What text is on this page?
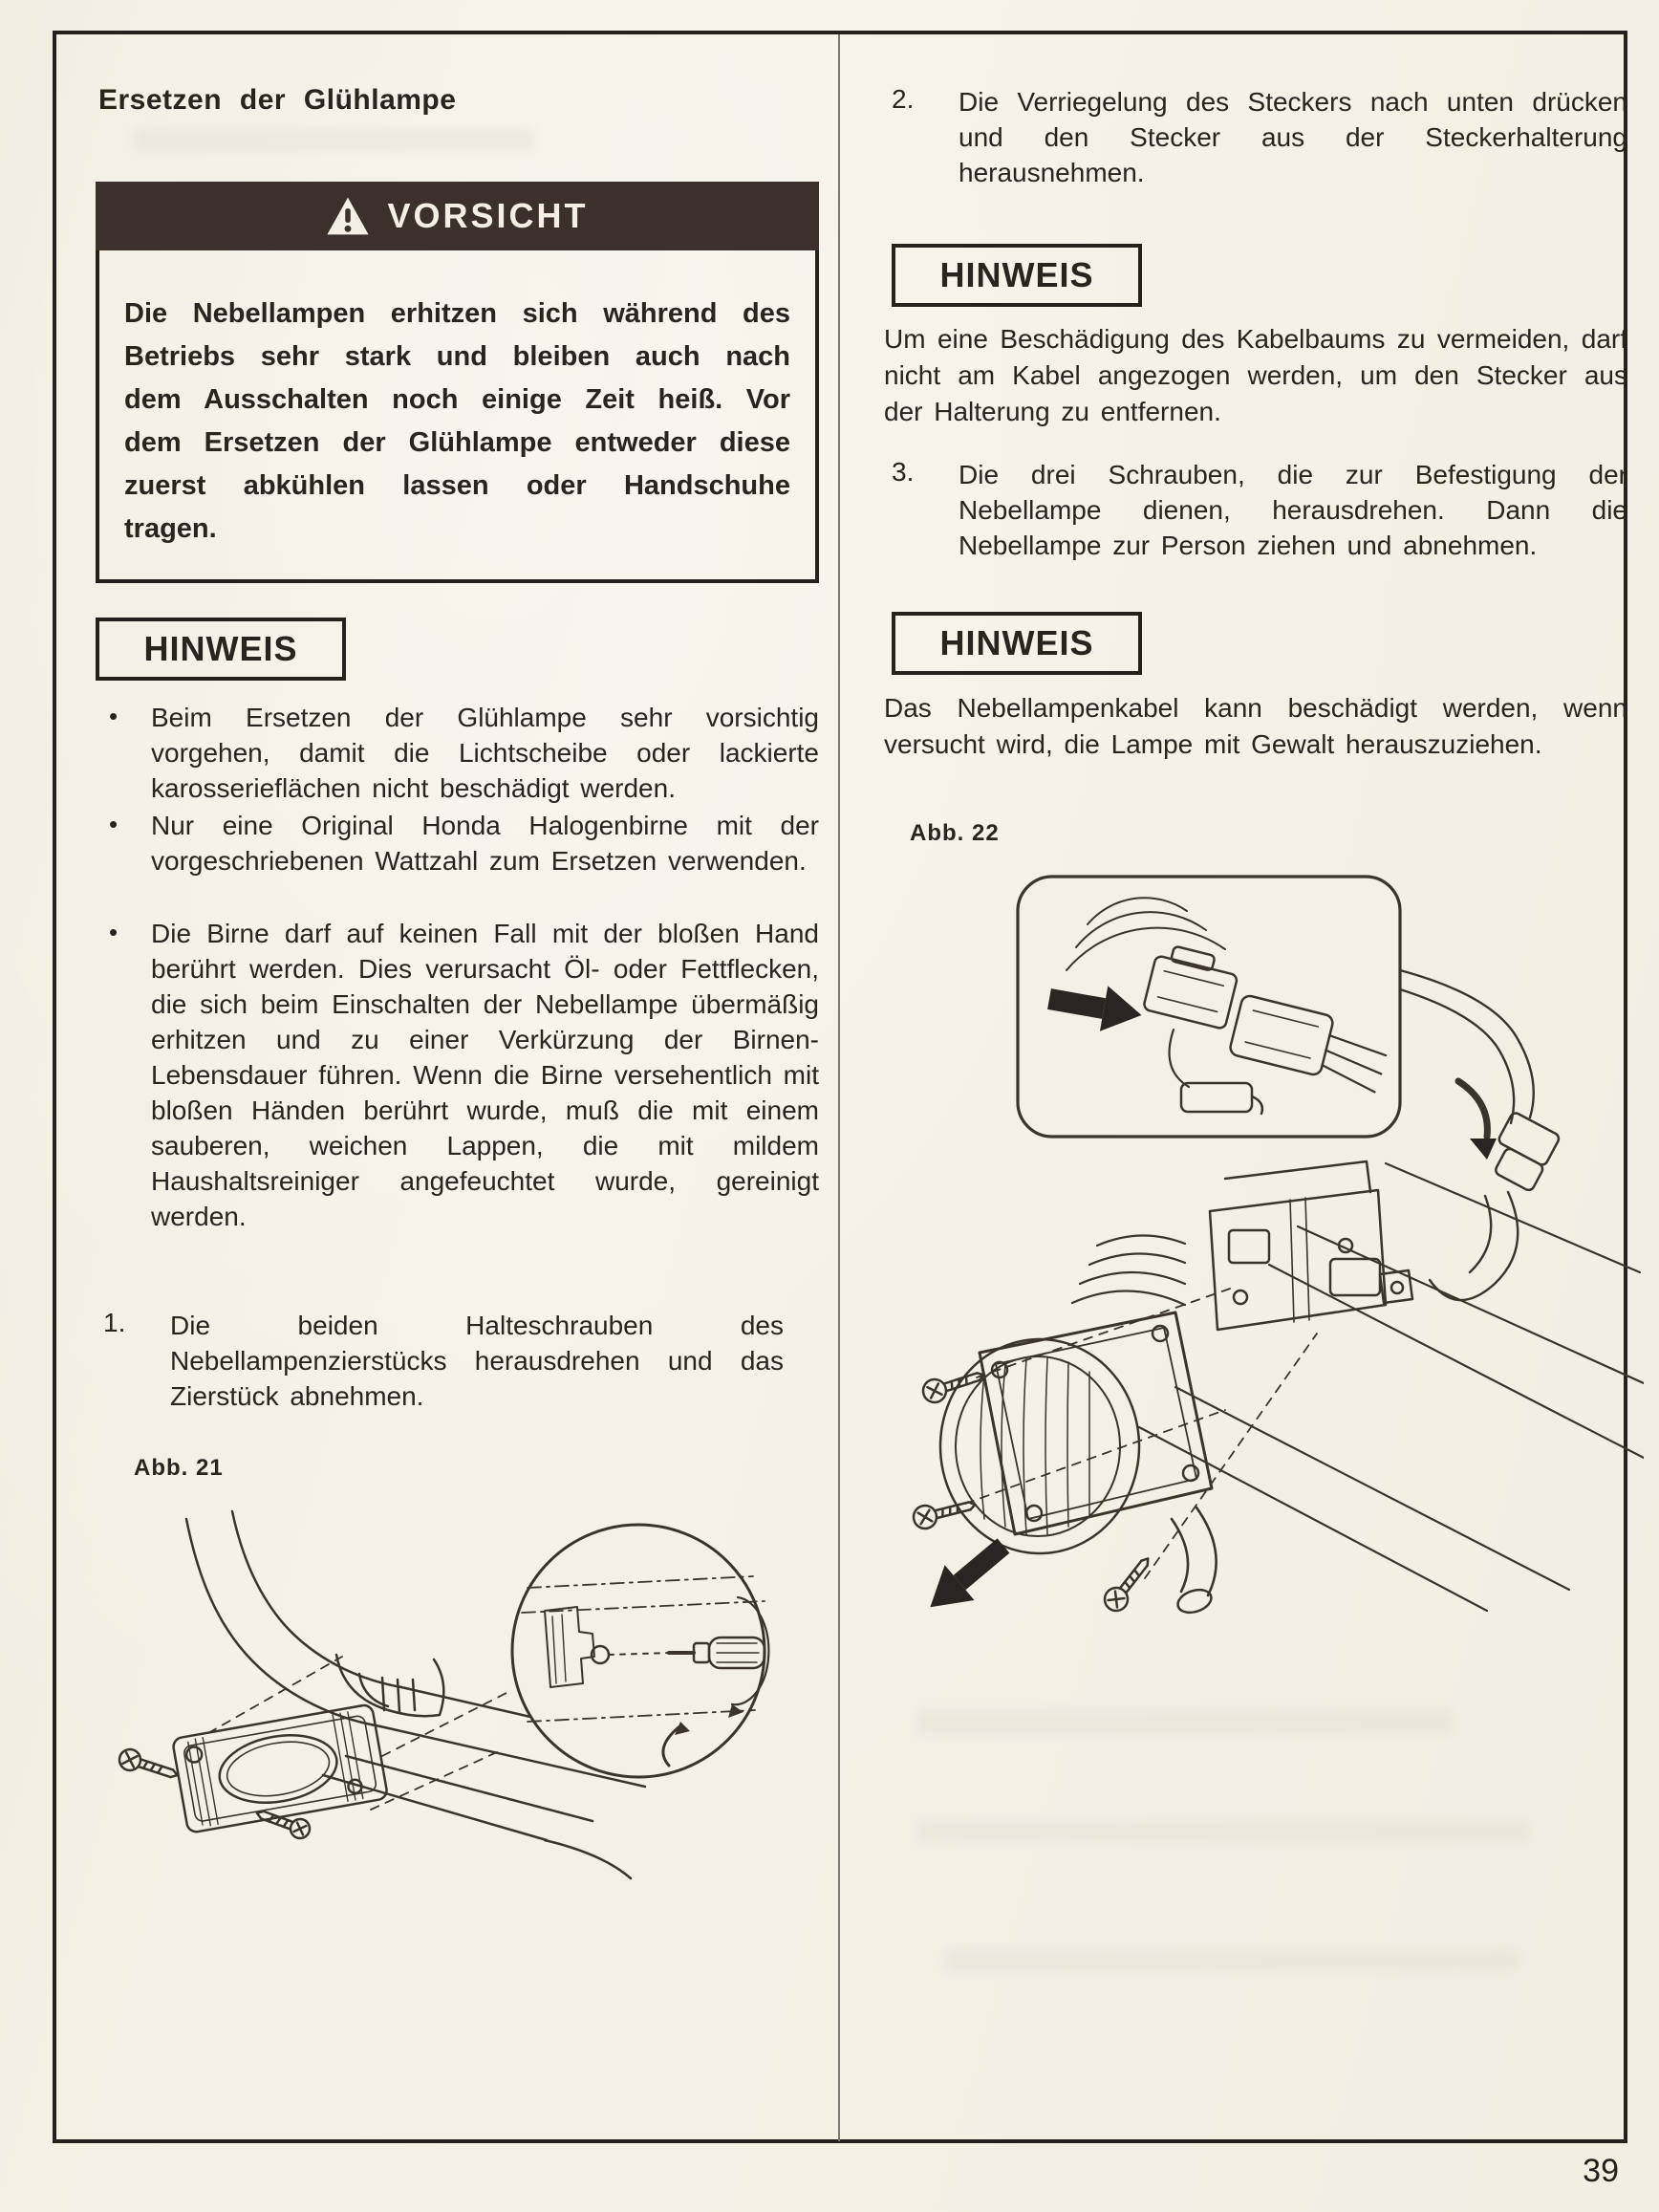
Ersetzen der Glühlampe
VORSICHT
Die Nebellampen erhitzen sich während des Betriebs sehr stark und bleiben auch nach dem Ausschalten noch einige Zeit heiß. Vor dem Ersetzen der Glühlampe entweder diese zuerst abkühlen lassen oder Handschuhe tragen.
HINWEIS
• Beim Ersetzen der Glühlampe sehr vorsichtig vorgehen, damit die Lichtscheibe oder lackierte karosserieflächen nicht beschädigt werden.
• Nur eine Original Honda Halogenbirne mit der vorgeschriebenen Wattzahl zum Ersetzen verwenden.
• Die Birne darf auf keinen Fall mit der bloßen Hand berührt werden. Dies verursacht Öl- oder Fettflecken, die sich beim Einschalten der Nebellampe übermäßig erhitzen und zu einer Verkürzung der Birnen-Lebensdauer führen. Wenn die Birne versehentlich mit bloßen Händen berührt wurde, muß die mit einem sauberen, weichen Lappen, die mit mildem Haushaltsreiniger angefeuchtet wurde, gereinigt werden.
1. Die beiden Halteschrauben des Nebellampenzierstücks herausdrehen und das Zierstück abnehmen.
Abb. 21
2. Die Verriegelung des Steckers nach unten drücken und den Stecker aus der Steckerhalterung herausnehmen.
HINWEIS
Um eine Beschädigung des Kabelbaums zu vermeiden, darf nicht am Kabel angezogen werden, um den Stecker aus der Halterung zu entfernen.
3. Die drei Schrauben, die zur Befestigung der Nebellampe dienen, herausdrehen. Dann die Nebellampe zur Person ziehen und abnehmen.
HINWEIS
Das Nebellampenkabel kann beschädigt werden, wenn versucht wird, die Lampe mit Gewalt herauszuziehen.
Abb. 22
39
